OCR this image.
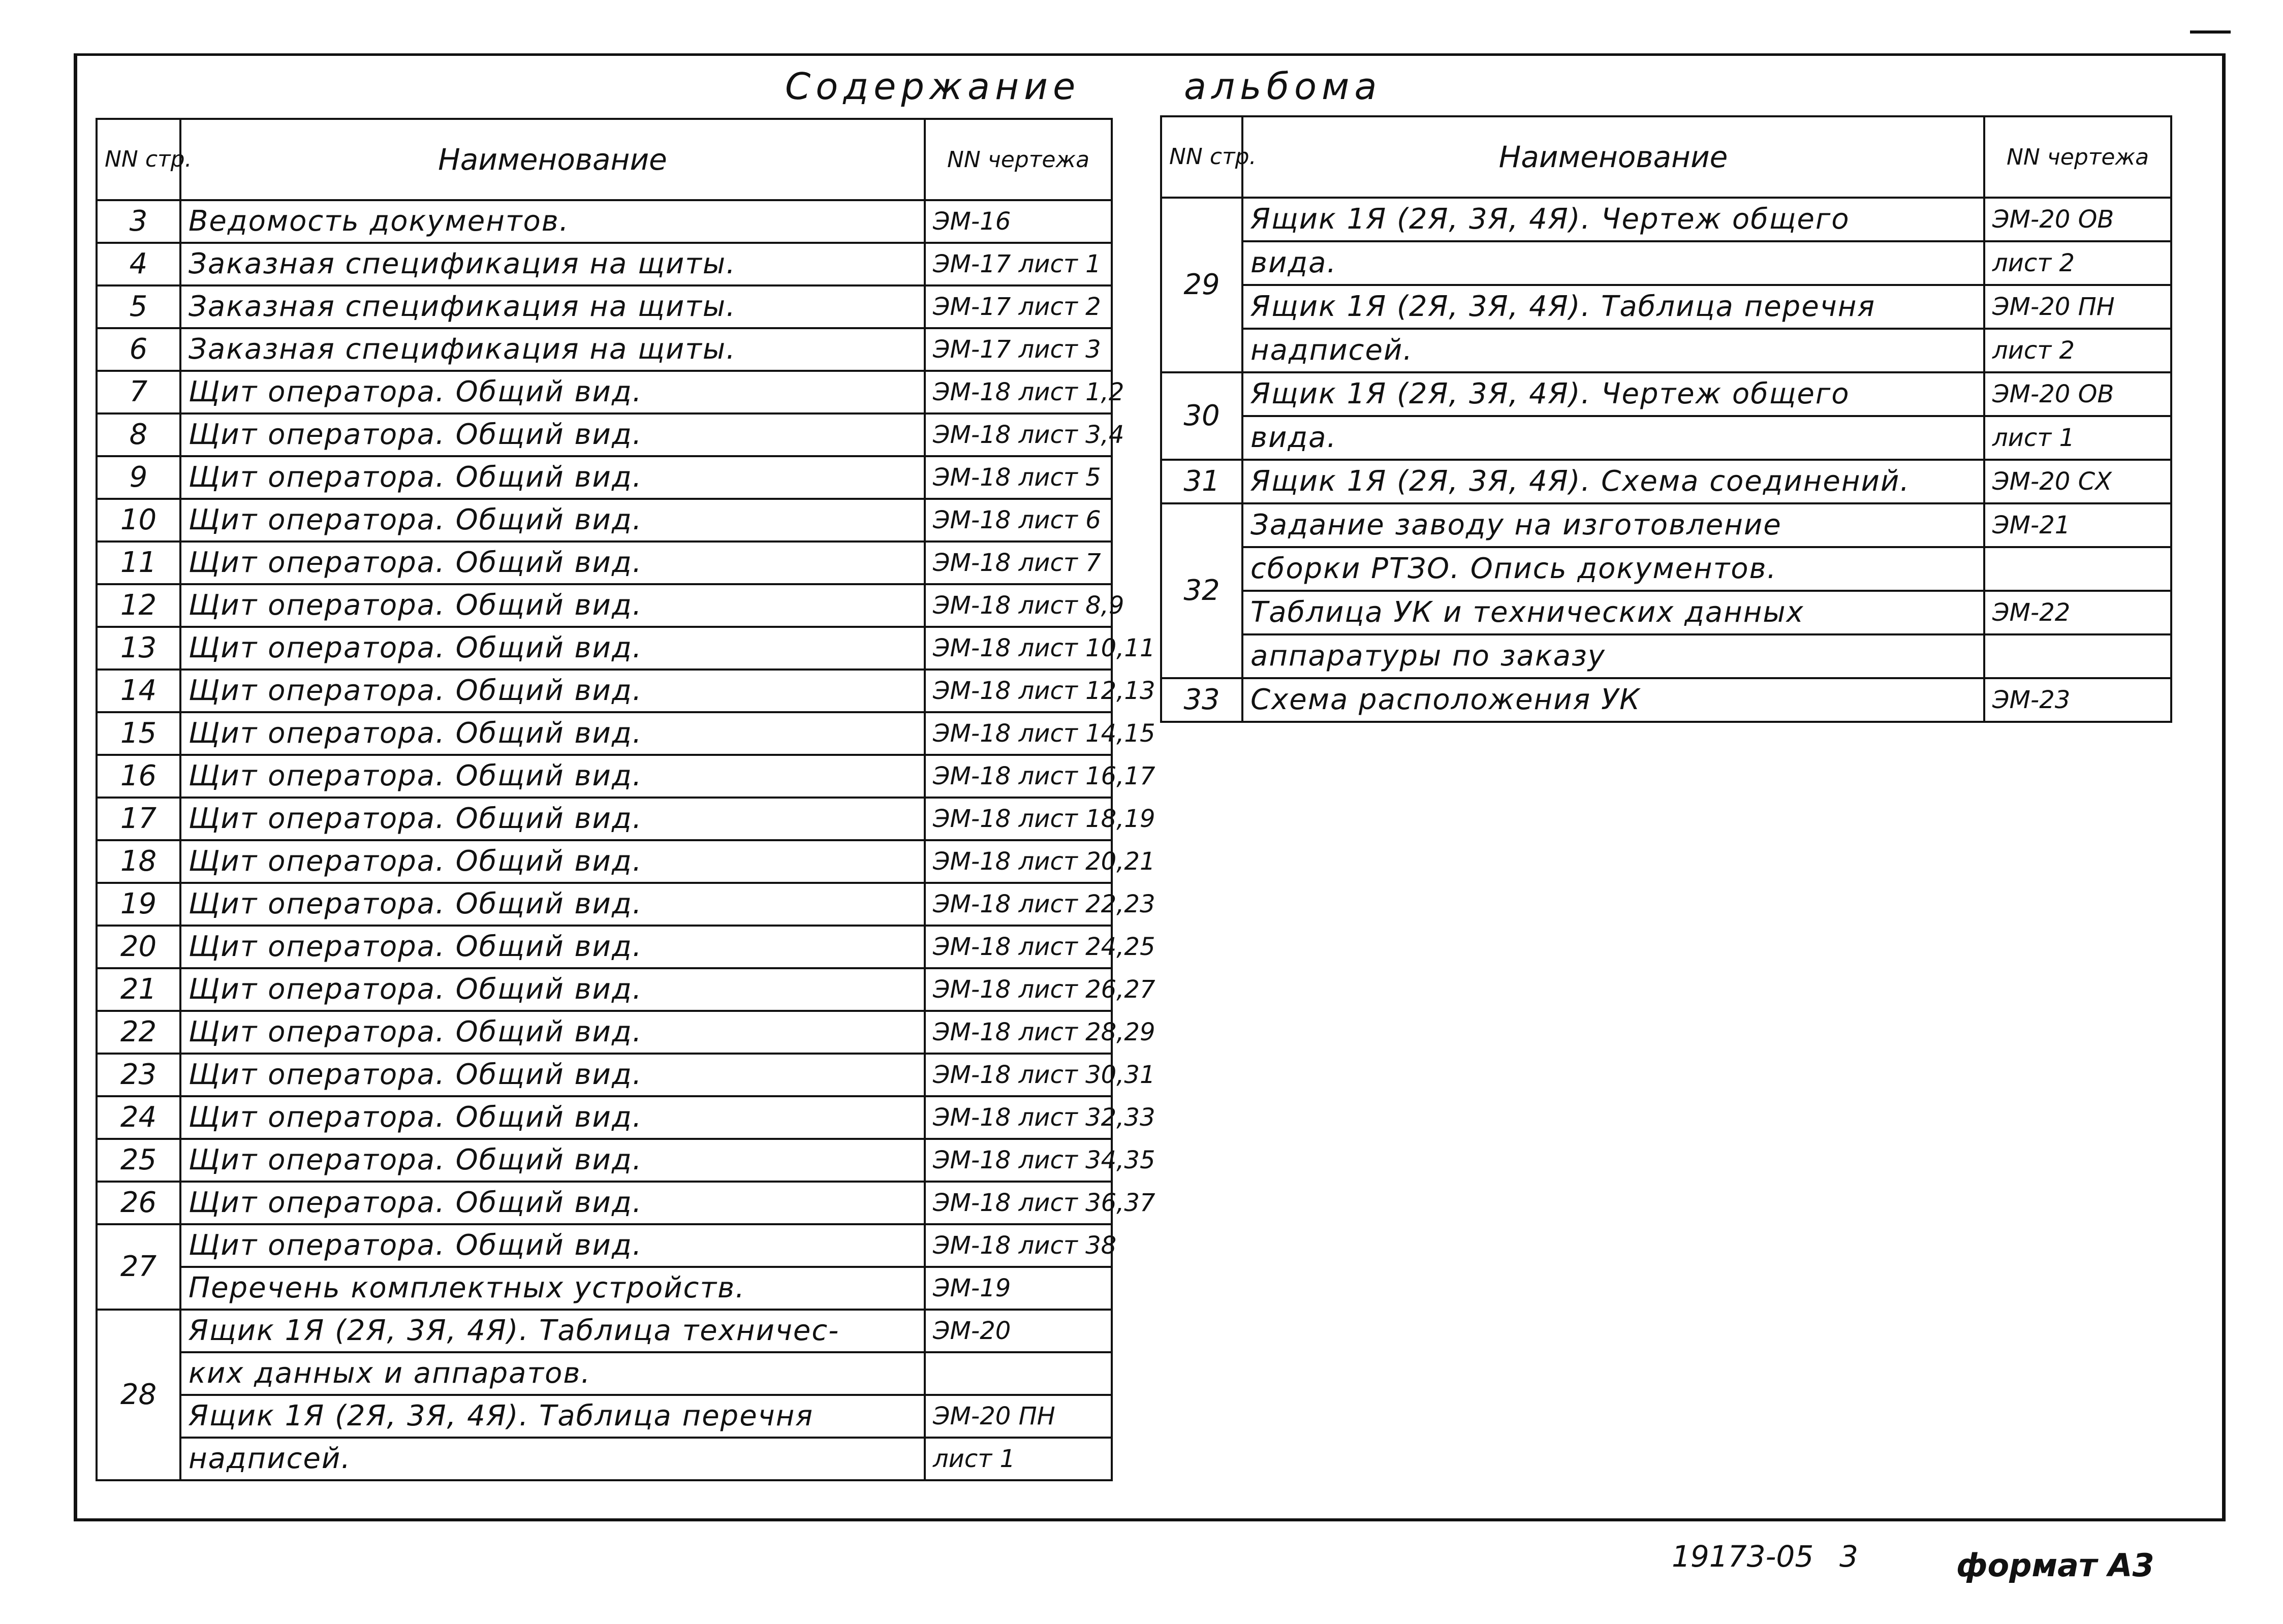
Содержание	альбома
NN стр.	Наименование	NN чертежа
3	Ведомость документов.	ЭМ-16
4	Заказная спецификация на щиты.	ЭМ-17 лист 1
5	Заказная спецификация на щиты.	ЭМ-17 лист 2
6	Заказная спецификация на щиты.	ЭМ-17 лист 3
7	Щит оператора. Общий вид.	ЭМ-18 лист 1,2
8	Щит оператора. Общий вид.	ЭМ-18 лист 3,4
9	Щит оператора. Общий вид.	ЭМ-18 лист 5
10	Щит оператора. Общий вид.	ЭМ-18 лист 6
11	Щит оператора. Общий вид.	ЭМ-18 лист 7
12	Щит оператора. Общий вид.	ЭМ-18 лист 8,9
13	Щит оператора. Общий вид.	ЭМ-18 лист 10,11
14	Щит оператора. Общий вид.	ЭМ-18 лист 12,13
15	Щит оператора. Общий вид.	ЭМ-18 лист 14,15
16	Щит оператора. Общий вид.	ЭМ-18 лист 16,17
17	Щит оператора. Общий вид.	ЭМ-18 лист 18,19
18	Щит оператора. Общий вид.	ЭМ-18 лист 20,21
19	Щит оператора. Общий вид.	ЭМ-18 лист 22,23
20	Щит оператора. Общий вид.	ЭМ-18 лист 24,25
21	Щит оператора. Общий вид.	ЭМ-18 лист 26,27
22	Щит оператора. Общий вид.	ЭМ-18 лист 28,29
23	Щит оператора. Общий вид.	ЭМ-18 лист 30,31
24	Щит оператора. Общий вид.	ЭМ-18 лист 32,33
25	Щит оператора. Общий вид.	ЭМ-18 лист 34,35
26	Щит оператора. Общий вид.	ЭМ-18 лист 36,37
27	Щит оператора. Общий вид.	ЭМ-18 лист 38
	Перечень комплектных устройств.	ЭМ-19
28	Ящик 1Я (2Я, 3Я, 4Я). Таблица техничес-	ЭМ-20
	ких данных и аппаратов.	
	Ящик 1Я (2Я, 3Я, 4Я). Таблица перечня	ЭМ-20 ПН
	надписей.	лист 1
NN стр.	Наименование	NN чертежа
29	Ящик 1Я (2Я, 3Я, 4Я). Чертеж общего	ЭМ-20 ОВ
	вида.	лист 2
	Ящик 1Я (2Я, 3Я, 4Я). Таблица перечня	ЭМ-20 ПН
	надписей.	лист 2
30	Ящик 1Я (2Я, 3Я, 4Я). Чертеж общего	ЭМ-20 ОВ
	вида.	лист 1
31	Ящик 1Я (2Я, 3Я, 4Я). Схема соединений.	ЭМ-20 СХ
32	Задание заводу на изготовление	ЭМ-21
	сборки РТЗО. Опись документов.	
	Таблица УК и технических данных	ЭМ-22
	аппаратуры по заказу	
33	Схема расположения УК	ЭМ-23
19173-05 3	формат А3
